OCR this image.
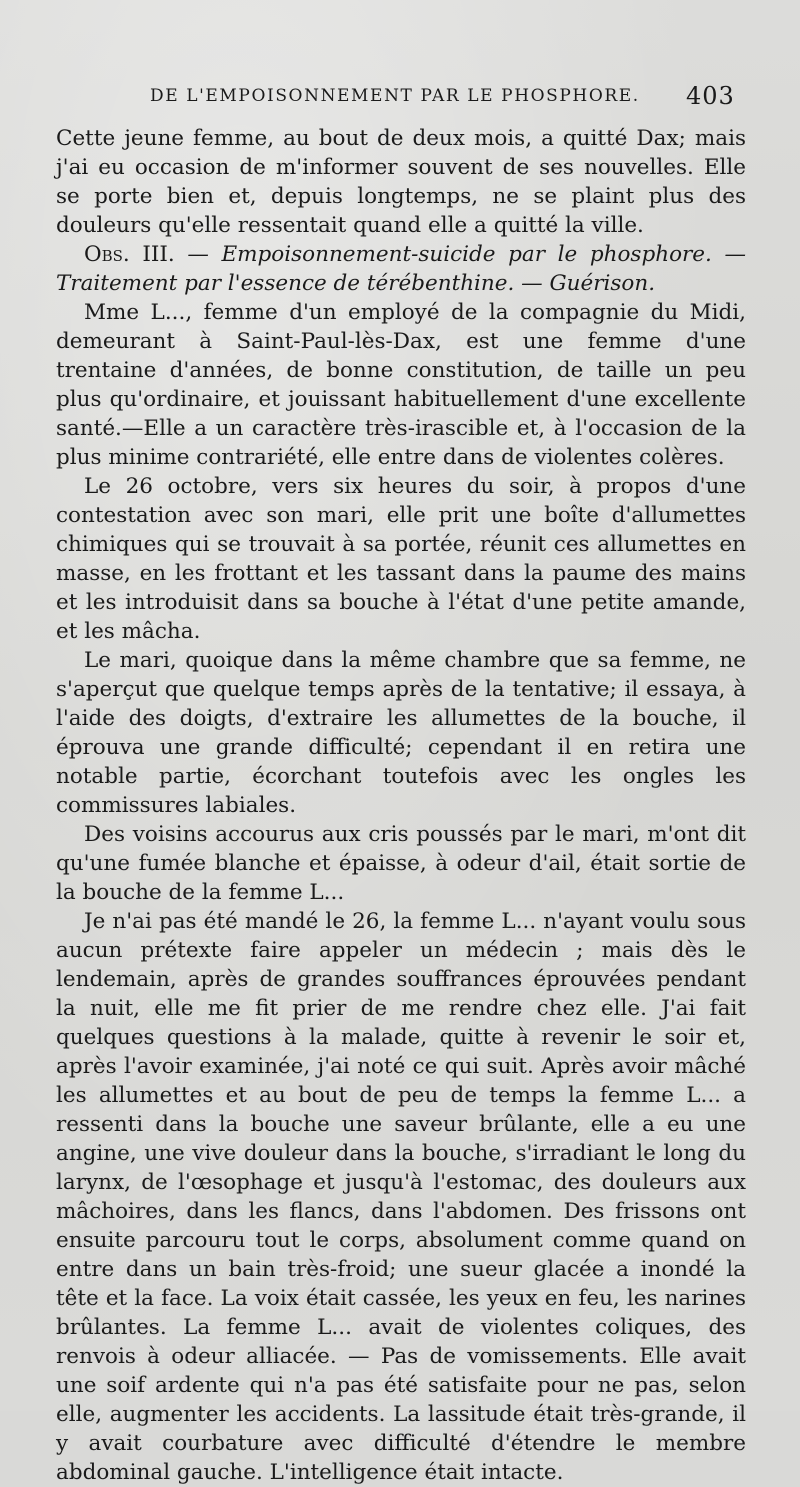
DE L'EMPOISONNEMENT PAR LE PHOSPHORE. 403

Cette jeune femme, au bout de deux mois, a quitté Dax; mais j'ai eu occasion de m'informer souvent de ses nouvelles. Elle se porte bien et, depuis longtemps, ne se plaint plus des douleurs qu'elle ressentait quand elle a quitté la ville.

Obs. III. — Empoisonnement-suicide par le phosphore. — Traitement par l'essence de térébenthine. — Guérison.

Mme L..., femme d'un employé de la compagnie du Midi, demeurant à Saint-Paul-lès-Dax, est une femme d'une trentaine d'années, de bonne constitution, de taille un peu plus qu'ordinaire, et jouissant habituellement d'une excellente santé.—Elle a un caractère très-irascible et, à l'occasion de la plus minime contrariété, elle entre dans de violentes colères.

Le 26 octobre, vers six heures du soir, à propos d'une contestation avec son mari, elle prit une boîte d'allumettes chimiques qui se trouvait à sa portée, réunit ces allumettes en masse, en les frottant et les tassant dans la paume des mains et les introduisit dans sa bouche à l'état d'une petite amande, et les mâcha.

Le mari, quoique dans la même chambre que sa femme, ne s'aperçut que quelque temps après de la tentative; il essaya, à l'aide des doigts, d'extraire les allumettes de la bouche, il éprouva une grande difficulté; cependant il en retira une notable partie, écorchant toutefois avec les ongles les commissures labiales.

Des voisins accourus aux cris poussés par le mari, m'ont dit qu'une fumée blanche et épaisse, à odeur d'ail, était sortie de la bouche de la femme L...

Je n'ai pas été mandé le 26, la femme L... n'ayant voulu sous aucun prétexte faire appeler un médecin ; mais dès le lendemain, après de grandes souffrances éprouvées pendant la nuit, elle me fit prier de me rendre chez elle. J'ai fait quelques questions à la malade, quitte à revenir le soir et, après l'avoir examinée, j'ai noté ce qui suit. Après avoir mâché les allumettes et au bout de peu de temps la femme L... a ressenti dans la bouche une saveur brûlante, elle a eu une angine, une vive douleur dans la bouche, s'irradiant le long du larynx, de l'œsophage et jusqu'à l'estomac, des douleurs aux mâchoires, dans les flancs, dans l'abdomen. Des frissons ont ensuite parcouru tout le corps, absolument comme quand on entre dans un bain très-froid; une sueur glacée a inondé la tête et la face. La voix était cassée, les yeux en feu, les narines brûlantes. La femme L... avait de violentes coliques, des renvois à odeur alliacée. — Pas de vomissements. Elle avait une soif ardente qui n'a pas été satisfaite pour ne pas, selon elle, augmenter les accidents. La lassitude était très-grande, il y avait courbature avec difficulté d'étendre le membre abdominal gauche. L'intelligence était intacte.
